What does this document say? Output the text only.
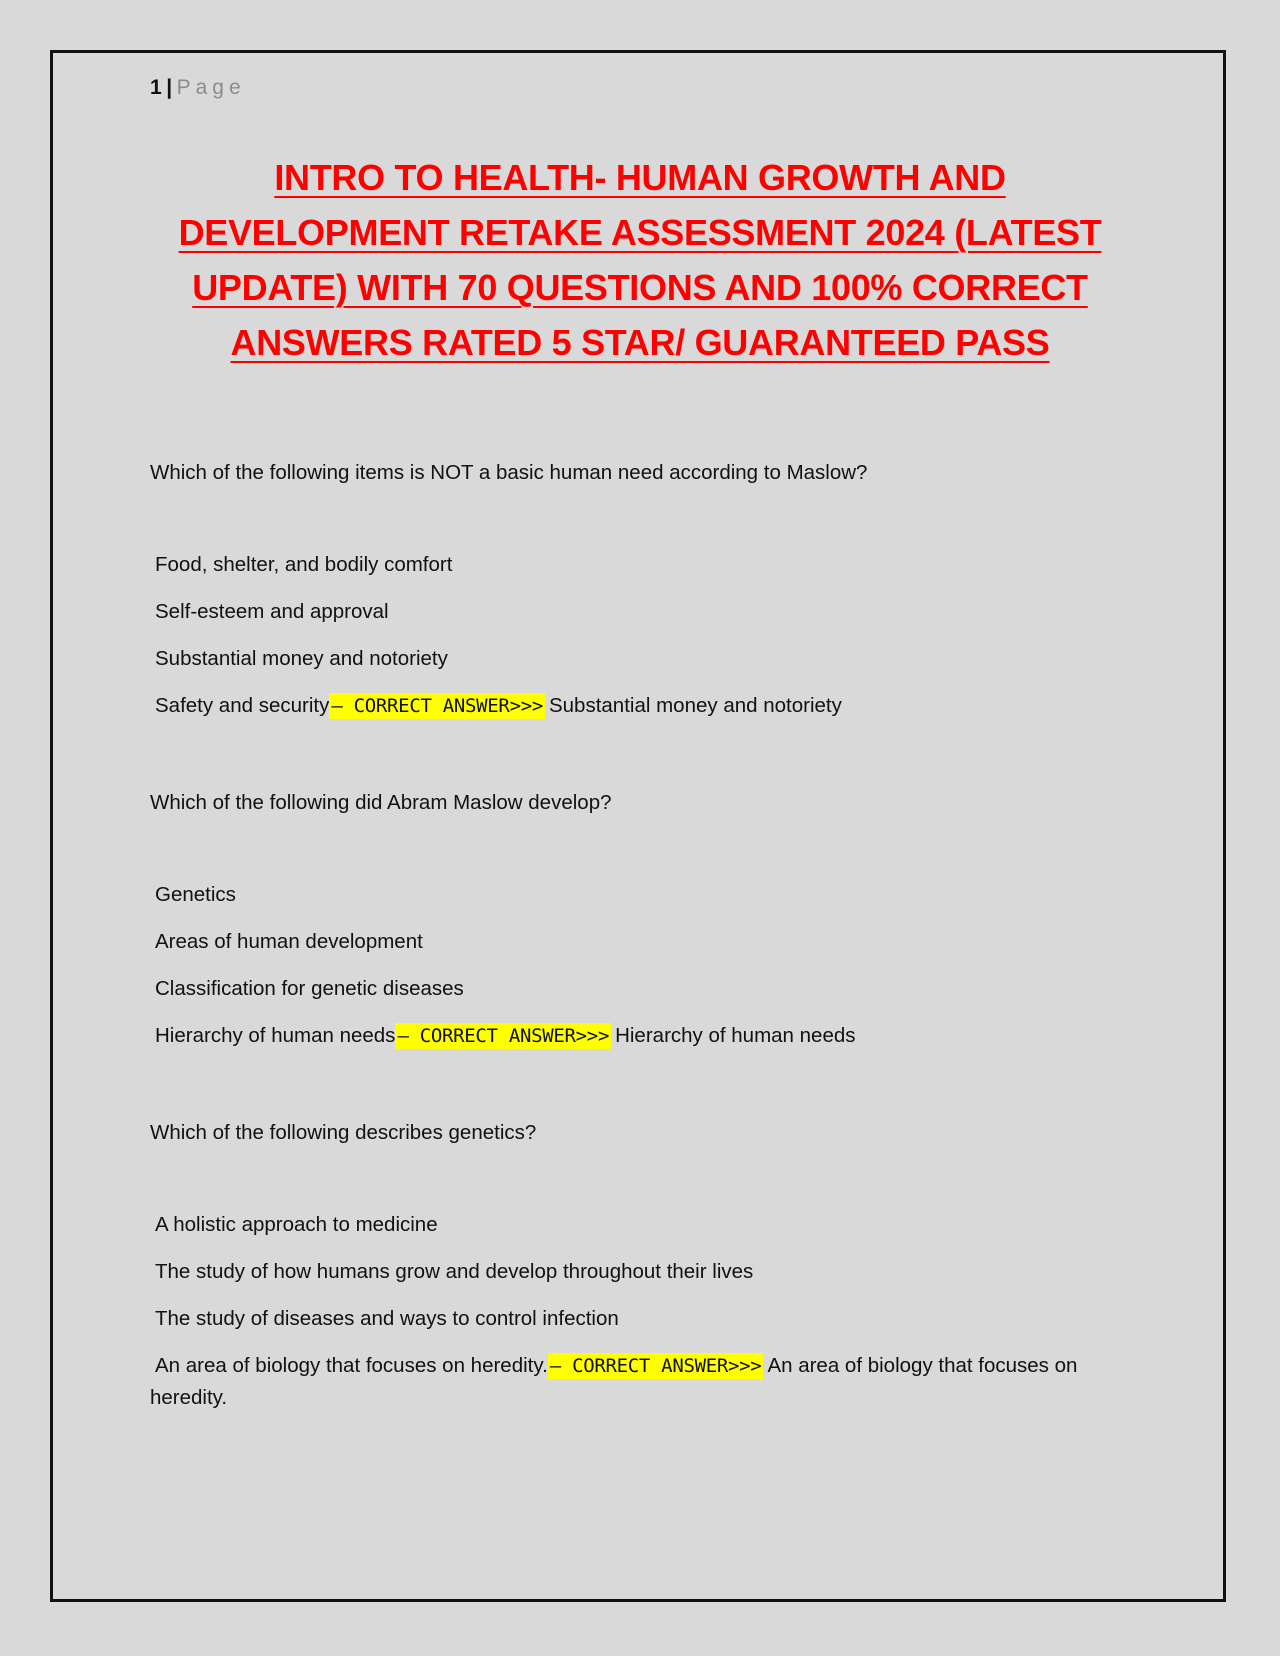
1 | Page
INTRO TO HEALTH- HUMAN GROWTH AND DEVELOPMENT RETAKE ASSESSMENT 2024 (LATEST UPDATE) WITH 70 QUESTIONS AND 100% CORRECT ANSWERS RATED 5 STAR/ GUARANTEED PASS

Which of the following items is NOT a basic human need according to Maslow?

Food, shelter, and bodily comfort
Self-esteem and approval
Substantial money and notoriety
Safety and security – CORRECT ANSWER>>> Substantial money and notoriety

Which of the following did Abram Maslow develop?

Genetics
Areas of human development
Classification for genetic diseases
Hierarchy of human needs – CORRECT ANSWER>>> Hierarchy of human needs

Which of the following describes genetics?

A holistic approach to medicine
The study of how humans grow and develop throughout their lives
The study of diseases and ways to control infection
An area of biology that focuses on heredity. – CORRECT ANSWER>>> An area of biology that focuses on heredity.
